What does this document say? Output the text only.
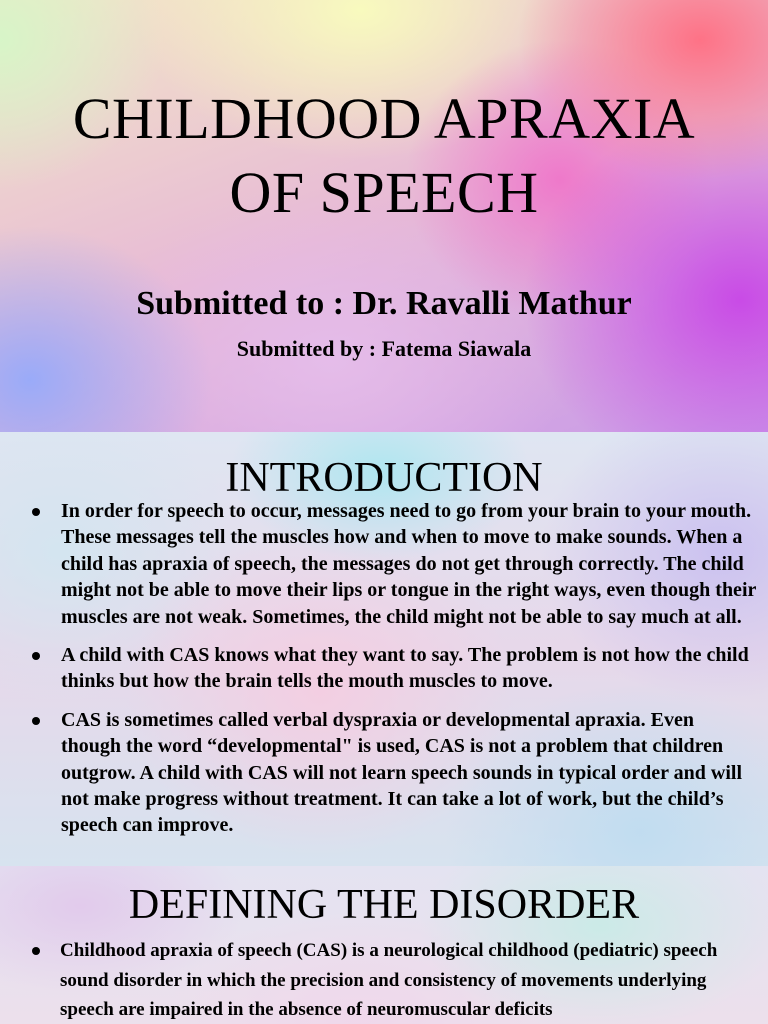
CHILDHOOD APRAXIA
OF SPEECH

Submitted to : Dr. Ravalli Mathur

Submitted by : Fatema Siawala

INTRODUCTION
In order for speech to occur, messages need to go from your brain to your mouth. These messages tell the muscles how and when to move to make sounds. When a child has apraxia of speech, the messages do not get through correctly. The child might not be able to move their lips or tongue in the right ways, even though their muscles are not weak. Sometimes, the child might not be able to say much at all.
A child with CAS knows what they want to say. The problem is not how the child thinks but how the brain tells the mouth muscles to move.
CAS is sometimes called verbal dyspraxia or developmental apraxia. Even though the word “developmental" is used, CAS is not a problem that children outgrow. A child with CAS will not learn speech sounds in typical order and will not make progress without treatment. It can take a lot of work, but the child’s speech can improve.
DEFINING THE DISORDER
Childhood apraxia of speech (CAS) is a neurological childhood (pediatric) speech sound disorder in which the precision and consistency of movements underlying speech are impaired in the absence of neuromuscular deficits
